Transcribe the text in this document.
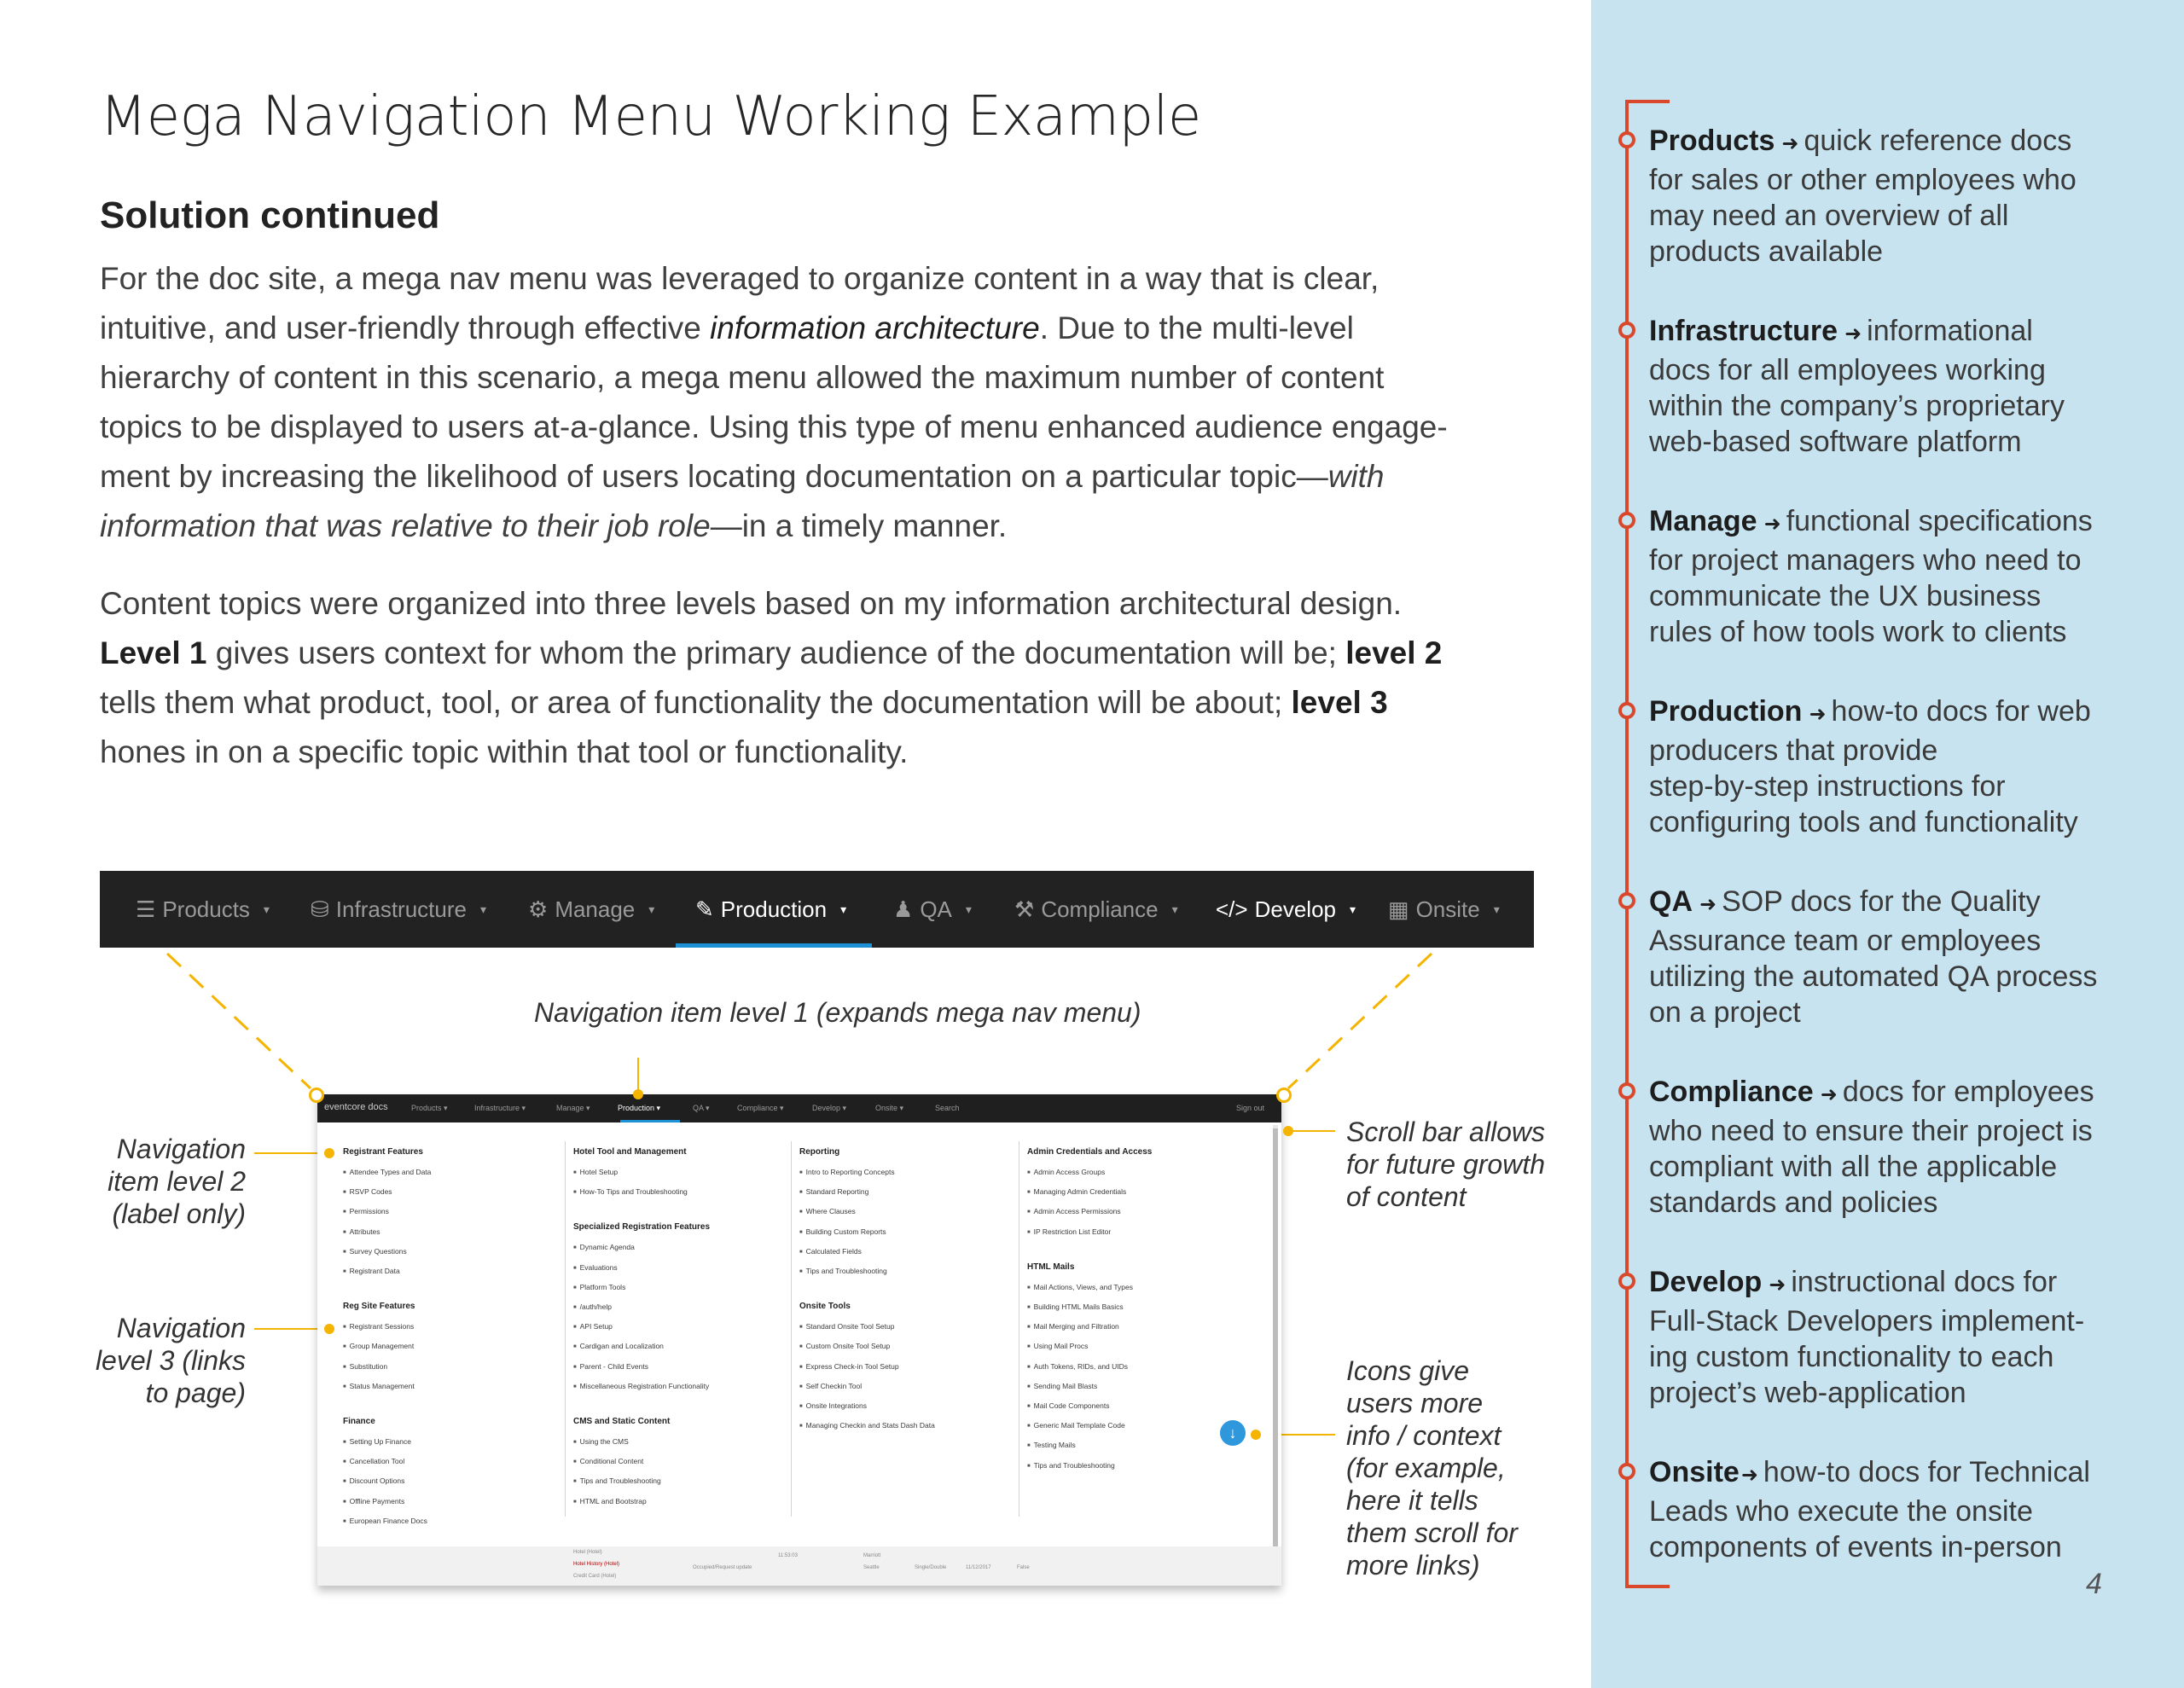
Mega Navigation Menu Working Example
Solution continued
For the doc site, a mega nav menu was leveraged to organize content in a way that is clear,
intuitive, and user-friendly through effective information architecture. Due to the multi-level
hierarchy of content in this scenario, a mega menu allowed the maximum number of content
topics to be displayed to users at-a-glance. Using this type of menu enhanced audience engage-
ment by increasing the likelihood of users locating documentation on a particular topic—with
information that was relative to their job role—in a timely manner.
Content topics were organized into three levels based on my information architectural design.
Level 1 gives users context for whom the primary audience of the documentation will be; level 2
tells them what product, tool, or area of functionality the documentation will be about; level 3
hones in on a specific topic within that tool or functionality.
☰ Products ▾ ⛁ Infrastructure ▾ ⚙ Manage ▾ ✎ Production ▾ ♟ QA ▾ ⚒ Compliance ▾ </> Develop ▾ ▦ Onsite ▾
Hotel (Hotel)
Hotel History (Hotel)
Credit Card (Hotel)
11:53:03
Occupied/Request update	Seattle	Single/Double
Marriott
11/12/2017	False
eventcore docs	Products ▾	Infrastructure ▾	Manage ▾	Production ▾	QA ▾	Compliance ▾	Develop ▾	Onsite ▾	Search	Sign out
↓
Registrant Features
■ Attendee Types and Data
■ RSVP Codes
■ Permissions
■ Attributes
■ Survey Questions
■ Registrant Data
Reg Site Features
■ Registrant Sessions
■ Group Management
■ Substitution
■ Status Management
Finance
■ Setting Up Finance
■ Cancellation Tool
■ Discount Options
■ Offline Payments
■ European Finance Docs
Hotel Tool and Management
■ Hotel Setup
■ How-To Tips and Troubleshooting
Specialized Registration Features
■ Dynamic Agenda
■ Evaluations
■ Platform Tools
■ /auth/help
■ API Setup
■ Cardigan and Localization
■ Parent - Child Events
■ Miscellaneous Registration Functionality
CMS and Static Content
■ Using the CMS
■ Conditional Content
■ Tips and Troubleshooting
■ HTML and Bootstrap
Reporting
■ Intro to Reporting Concepts
■ Standard Reporting
■ Where Clauses
■ Building Custom Reports
■ Calculated Fields
■ Tips and Troubleshooting
Onsite Tools
■ Standard Onsite Tool Setup
■ Custom Onsite Tool Setup
■ Express Check-in Tool Setup
■ Self Checkin Tool
■ Onsite Integrations
■ Managing Checkin and Stats Dash Data
Admin Credentials and Access
■ Admin Access Groups
■ Managing Admin Credentials
■ Admin Access Permissions
■ IP Restriction List Editor
HTML Mails
■ Mail Actions, Views, and Types
■ Building HTML Mails Basics
■ Mail Merging and Filtration
■ Using Mail Procs
■ Auth Tokens, RIDs, and UIDs
■ Sending Mail Blasts
■ Mail Code Components
■ Generic Mail Template Code
■ Testing Mails
■ Tips and Troubleshooting
Navigation item level 1 (expands mega nav menu)
Navigation
item level 2
(label only)
Navigation
level 3 (links
to page)
Scroll bar allows
for future growth
of content
Icons give
users more
info / context
(for example,
here it tells
them scroll for
more links)
Products ➜ quick reference docs
for sales or other employees who
may need an overview of all
products available
Infrastructure ➜ informational
docs for all employees working
within the company’s proprietary
web-based software platform
Manage ➜ functional specifications
for project managers who need to
communicate the UX business
rules of how tools work to clients
Production ➜ how-to docs for web
producers that provide
step-by-step instructions for
configuring tools and functionality
QA ➜ SOP docs for the Quality
Assurance team or employees
utilizing the automated QA process
on a project
Compliance ➜ docs for employees
who need to ensure their project is
compliant with all the applicable
standards and policies
Develop ➜ instructional docs for
Full-Stack Developers implement-
ing custom functionality to each
project’s web-application
Onsite➜ how-to docs for Technical
Leads who execute the onsite
components of events in-person
4
